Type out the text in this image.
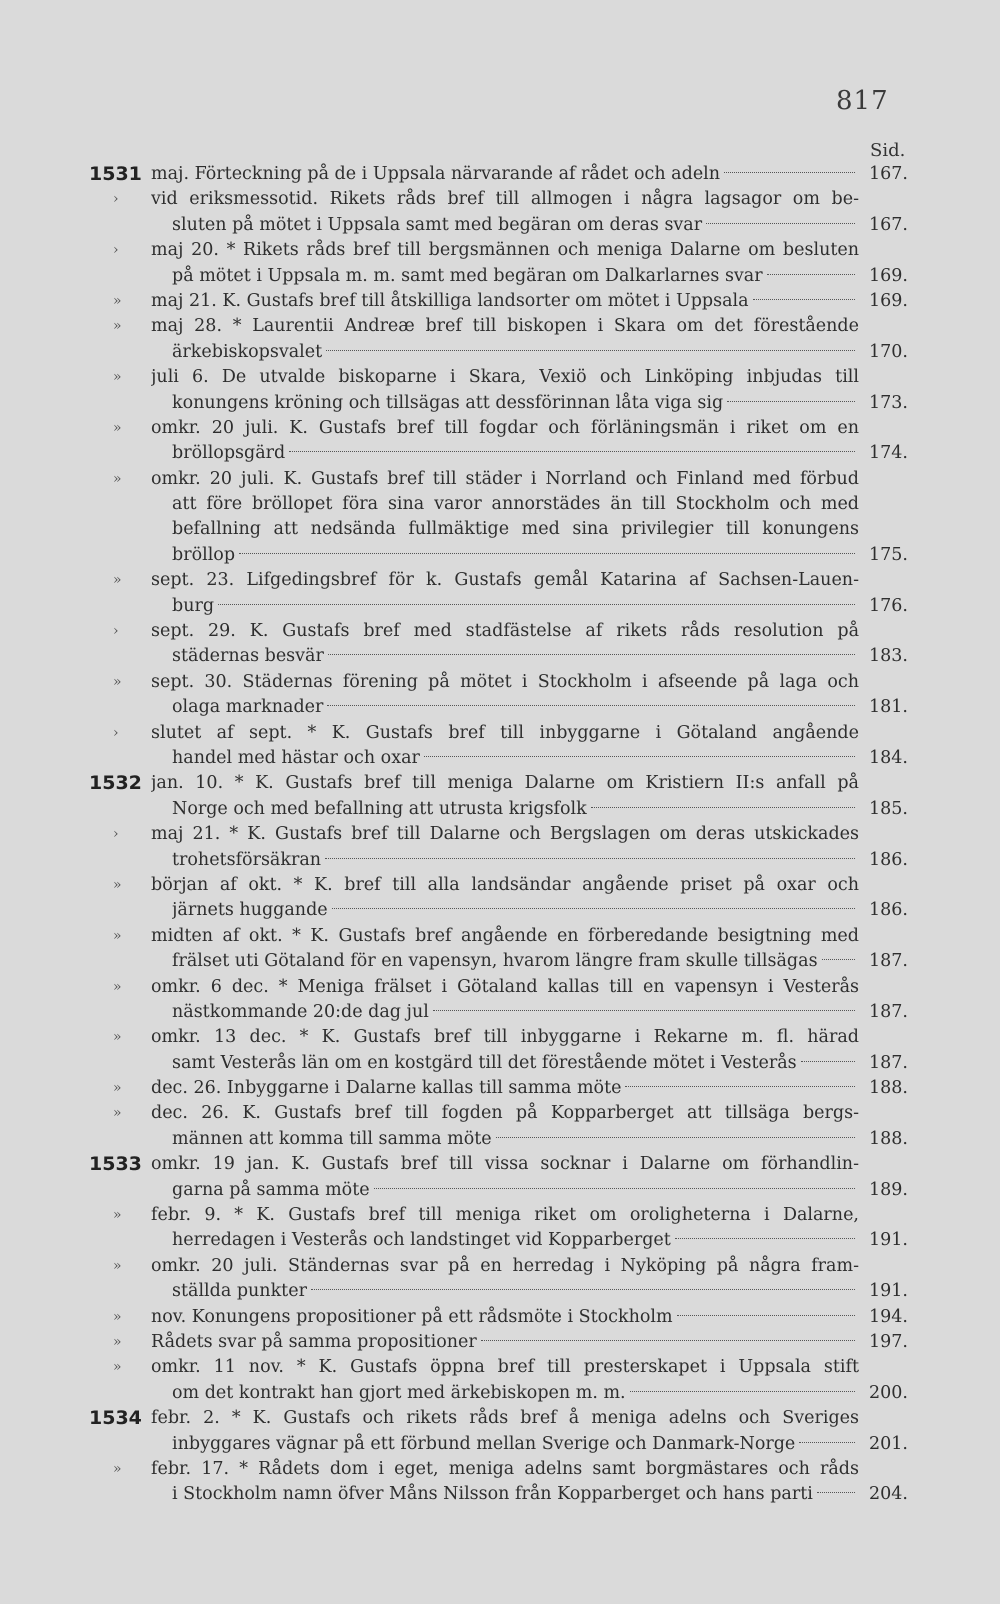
817
Sid.
1531 maj. Förteckning på de i Uppsala närvarande af rådet och adeln	167.
› vid eriksmessotid. Rikets råds bref till allmogen i några lagsagor om be-
sluten på mötet i Uppsala samt med begäran om deras svar	167.
› maj 20. * Rikets råds bref till bergsmännen och meniga Dalarne om besluten
på mötet i Uppsala m. m. samt med begäran om Dalkarlarnes svar	169.
» maj 21. K. Gustafs bref till åtskilliga landsorter om mötet i Uppsala	169.
» maj 28. * Laurentii Andreæ bref till biskopen i Skara om det förestående
ärkebiskopsvalet	170.
» juli 6. De utvalde biskoparne i Skara, Vexiö och Linköping inbjudas till
konungens kröning och tillsägas att dessförinnan låta viga sig	173.
» omkr. 20 juli. K. Gustafs bref till fogdar och förläningsmän i riket om en
bröllopsgärd	174.
» omkr. 20 juli. K. Gustafs bref till städer i Norrland och Finland med förbud
att före bröllopet föra sina varor annorstädes än till Stockholm och med
befallning att nedsända fullmäktige med sina privilegier till konungens
bröllop	175.
» sept. 23. Lifgedingsbref för k. Gustafs gemål Katarina af Sachsen-Lauen-
burg	176.
› sept. 29. K. Gustafs bref med stadfästelse af rikets råds resolution på
städernas besvär	183.
» sept. 30. Städernas förening på mötet i Stockholm i afseende på laga och
olaga marknader	181.
› slutet af sept. * K. Gustafs bref till inbyggarne i Götaland angående
handel med hästar och oxar	184.
1532 jan. 10. * K. Gustafs bref till meniga Dalarne om Kristiern II:s anfall på
Norge och med befallning att utrusta krigsfolk	185.
› maj 21. * K. Gustafs bref till Dalarne och Bergslagen om deras utskickades
trohetsförsäkran	186.
» början af okt. * K. bref till alla landsändar angående priset på oxar och
järnets huggande	186.
» midten af okt. * K. Gustafs bref angående en förberedande besigtning med
frälset uti Götaland för en vapensyn, hvarom längre fram skulle tillsägas	187.
» omkr. 6 dec. * Meniga frälset i Götaland kallas till en vapensyn i Vesterås
nästkommande 20:de dag jul	187.
» omkr. 13 dec. * K. Gustafs bref till inbyggarne i Rekarne m. fl. härad
samt Vesterås län om en kostgärd till det förestående mötet i Vesterås	187.
» dec. 26. Inbyggarne i Dalarne kallas till samma möte	188.
» dec. 26. K. Gustafs bref till fogden på Kopparberget att tillsäga bergs-
männen att komma till samma möte	188.
1533 omkr. 19 jan. K. Gustafs bref till vissa socknar i Dalarne om förhandlin-
garna på samma möte	189.
» febr. 9. * K. Gustafs bref till meniga riket om oroligheterna i Dalarne,
herredagen i Vesterås och landstinget vid Kopparberget	191.
» omkr. 20 juli. Ständernas svar på en herredag i Nyköping på några fram-
ställda punkter	191.
» nov. Konungens propositioner på ett rådsmöte i Stockholm	194.
» Rådets svar på samma propositioner	197.
» omkr. 11 nov. * K. Gustafs öppna bref till presterskapet i Uppsala stift
om det kontrakt han gjort med ärkebiskopen m. m.	200.
1534 febr. 2. * K. Gustafs och rikets råds bref å meniga adelns och Sveriges
inbyggares vägnar på ett förbund mellan Sverige och Danmark-Norge	201.
» febr. 17. * Rådets dom i eget, meniga adelns samt borgmästares och råds
i Stockholm namn öfver Måns Nilsson från Kopparberget och hans parti	204.
